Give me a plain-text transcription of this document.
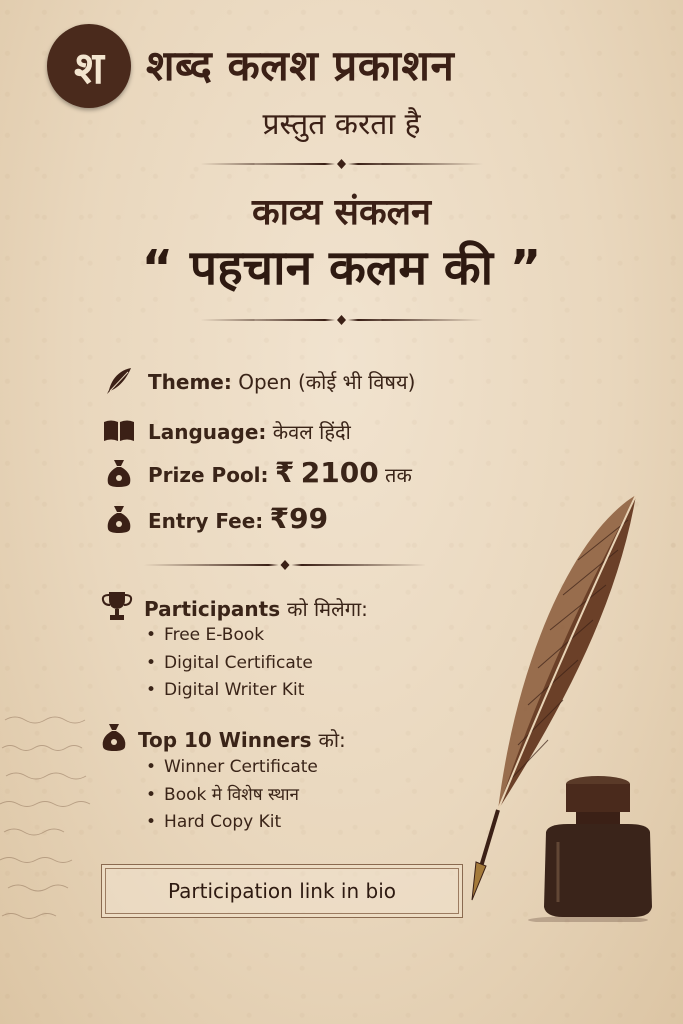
श शब्द कलश प्रकाशन
प्रस्तुत करता है
काव्य संकलन
“ पहचान कलम की ”
Theme: Open (कोई भी विषय)
Language: केवल हिंदी
Prize Pool: ₹ 2100 तक
Entry Fee: ₹99
Participants को मिलेगा:
• Free E-Book
• Digital Certificate
• Digital Writer Kit
Top 10 Winners को:
• Winner Certificate
• Book मे विशेष स्थान
• Hard Copy Kit
Participation link in bio
